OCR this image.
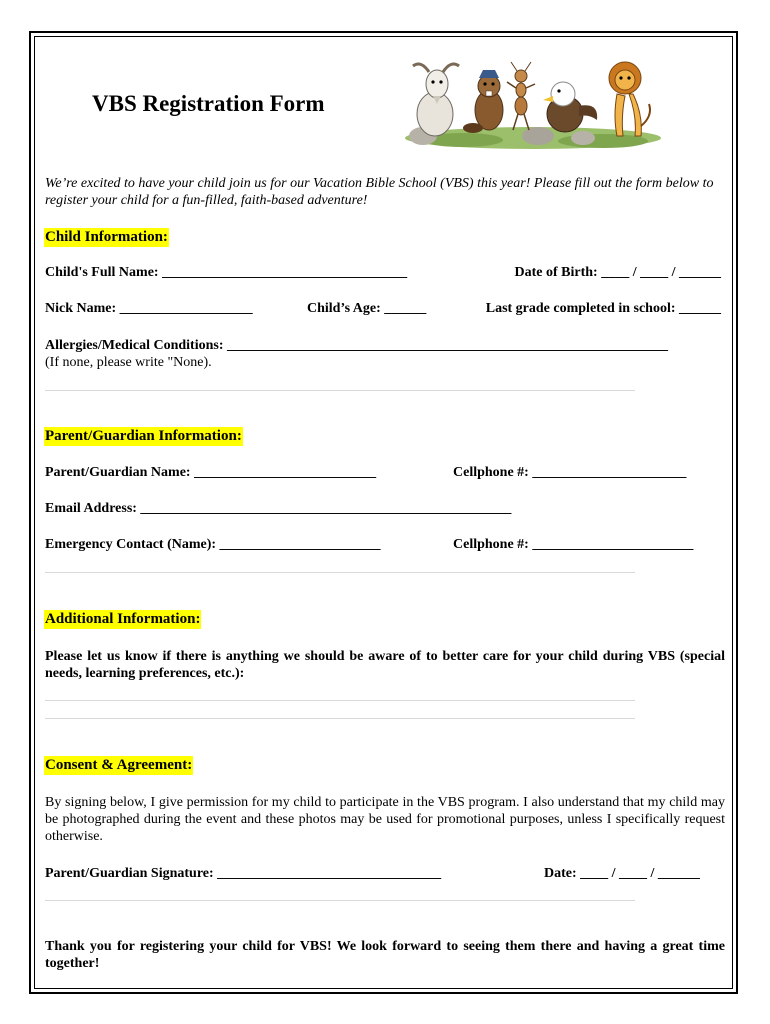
VBS Registration Form
We’re excited to have your child join us for our Vacation Bible School (VBS) this year! Please fill out the form below to register your child for a fun-filled, faith-based adventure!
Child Information:
Child's Full Name: ___________________________________	Date of Birth: ____ / ____ / ______
Nick Name: ___________________	Child’s Age: ______	Last grade completed in school: ______
Allergies/Medical Conditions: _______________________________________________________________
(If none, please write "None).
Parent/Guardian Information:
Parent/Guardian Name: __________________________	Cellphone #: ______________________
Email Address: _____________________________________________________
Emergency Contact (Name): _______________________	Cellphone #: _______________________
Additional Information:
Please let us know if there is anything we should be aware of to better care for your child during VBS (special needs, learning preferences, etc.):
Consent & Agreement:
By signing below, I give permission for my child to participate in the VBS program. I also understand that my child may be photographed during the event and these photos may be used for promotional purposes, unless I specifically request otherwise.
Parent/Guardian Signature: ________________________________	Date: ____ / ____ / ______
Thank you for registering your child for VBS! We look forward to seeing them there and having a great time together!
